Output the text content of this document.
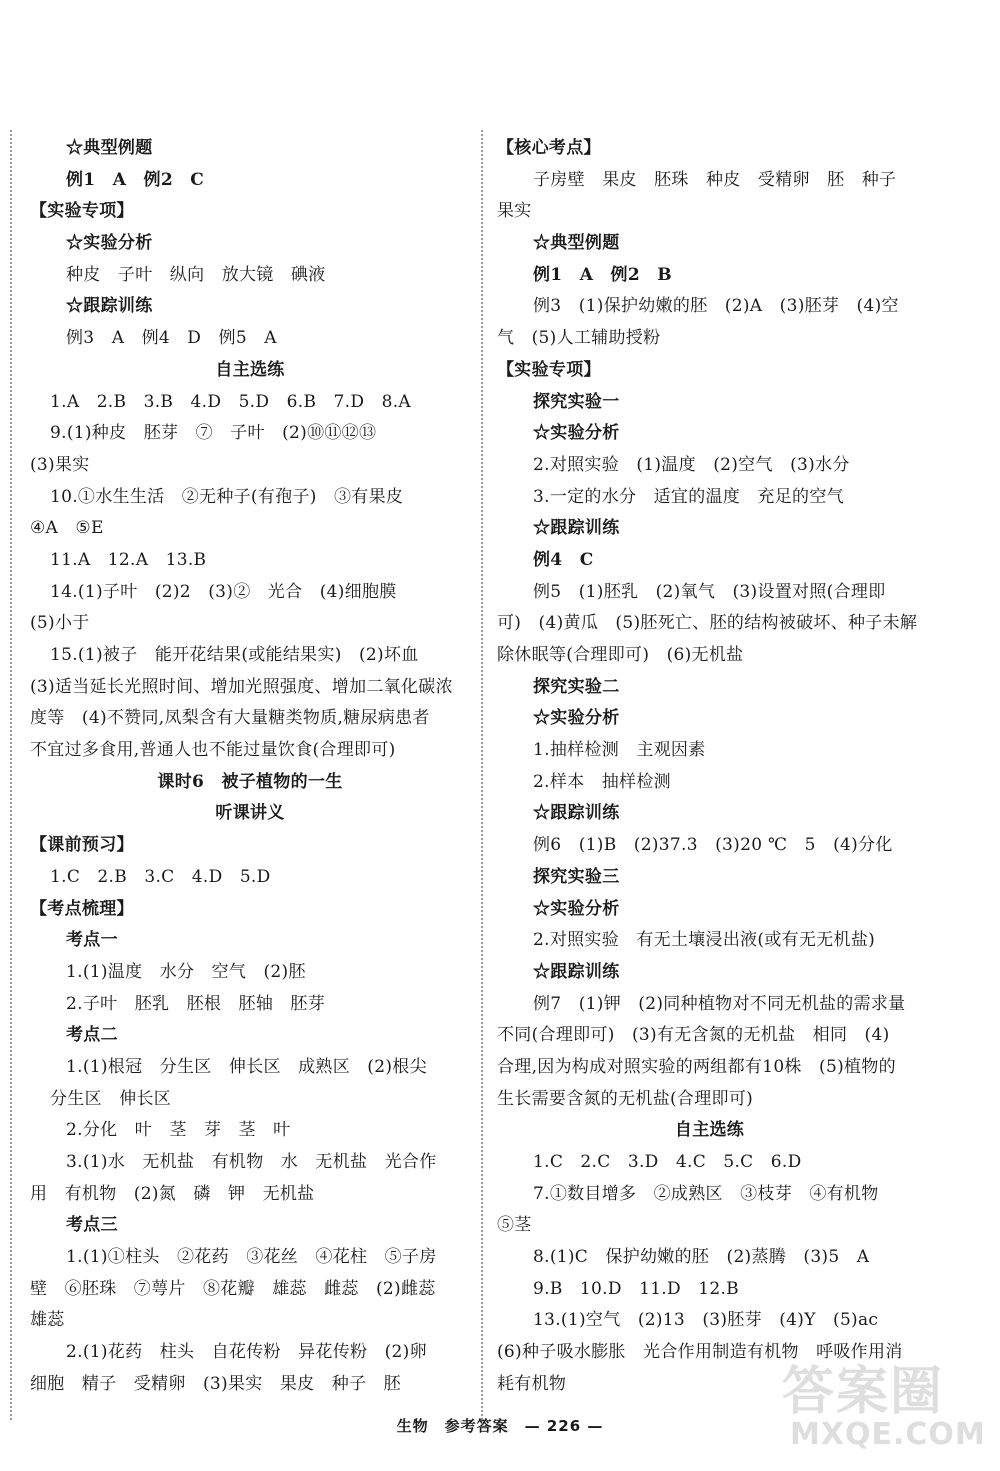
☆典型例题
例1　A　例2　C
【实验专项】
☆实验分析
种皮　子叶　纵向　放大镜　碘液
☆跟踪训练
例3　A　例4　D　例5　A
自主选练
1.A　2.B　3.B　4.D　5.D　6.B　7.D　8.A
9.(1)种皮　胚芽　⑦　子叶　(2)⑩⑪⑫⑬
(3)果实
10.①水生生活　②无种子(有孢子)　③有果皮
④A　⑤E
11.A　12.A　13.B
14.(1)子叶　(2)2　(3)②　光合　(4)细胞膜
(5)小于
15.(1)被子　能开花结果(或能结果实)　(2)坏血
(3)适当延长光照时间、增加光照强度、增加二氧化碳浓
度等　(4)不赞同,凤梨含有大量糖类物质,糖尿病患者
不宜过多食用,普通人也不能过量饮食(合理即可)
课时6　被子植物的一生
听课讲义
【课前预习】
1.C　2.B　3.C　4.D　5.D
【考点梳理】
考点一
1.(1)温度　水分　空气　(2)胚
2.子叶　胚乳　胚根　胚轴　胚芽
考点二
1.(1)根冠　分生区　伸长区　成熟区　(2)根尖
分生区　伸长区
2.分化　叶　茎　芽　茎　叶
3.(1)水　无机盐　有机物　水　无机盐　光合作
用　有机物　(2)氮　磷　钾　无机盐
考点三
1.(1)①柱头　②花药　③花丝　④花柱　⑤子房
壁　⑥胚珠　⑦萼片　⑧花瓣　雄蕊　雌蕊　(2)雌蕊
雄蕊
2.(1)花药　柱头　自花传粉　异花传粉　(2)卵
细胞　精子　受精卵　(3)果实　果皮　种子　胚
【核心考点】
子房壁　果皮　胚珠　种皮　受精卵　胚　种子
果实
☆典型例题
例1　A　例2　B
例3　(1)保护幼嫩的胚　(2)A　(3)胚芽　(4)空
气　(5)人工辅助授粉
【实验专项】
探究实验一
☆实验分析
2.对照实验　(1)温度　(2)空气　(3)水分
3.一定的水分　适宜的温度　充足的空气
☆跟踪训练
例4　C
例5　(1)胚乳　(2)氧气　(3)设置对照(合理即
可)　(4)黄瓜　(5)胚死亡、胚的结构被破坏、种子未解
除休眠等(合理即可)　(6)无机盐
探究实验二
☆实验分析
1.抽样检测　主观因素
2.样本　抽样检测
☆跟踪训练
例6　(1)B　(2)37.3　(3)20 ℃　5　(4)分化
探究实验三
☆实验分析
2.对照实验　有无土壤浸出液(或有无无机盐)
☆跟踪训练
例7　(1)钾　(2)同种植物对不同无机盐的需求量
不同(合理即可)　(3)有无含氮的无机盐　相同　(4)
合理,因为构成对照实验的两组都有10株　(5)植物的
生长需要含氮的无机盐(合理即可)
自主选练
1.C　2.C　3.D　4.C　5.C　6.D
7.①数目增多　②成熟区　③枝芽　④有机物
⑤茎
8.(1)C　保护幼嫩的胚　(2)蒸腾　(3)5　A
9.B　10.D　11.D　12.B
13.(1)空气　(2)13　(3)胚芽　(4)Y　(5)ac
(6)种子吸水膨胀　光合作用制造有机物　呼吸作用消
耗有机物
生物　参考答案　— 226 —
答案圈
MXQE.COM
